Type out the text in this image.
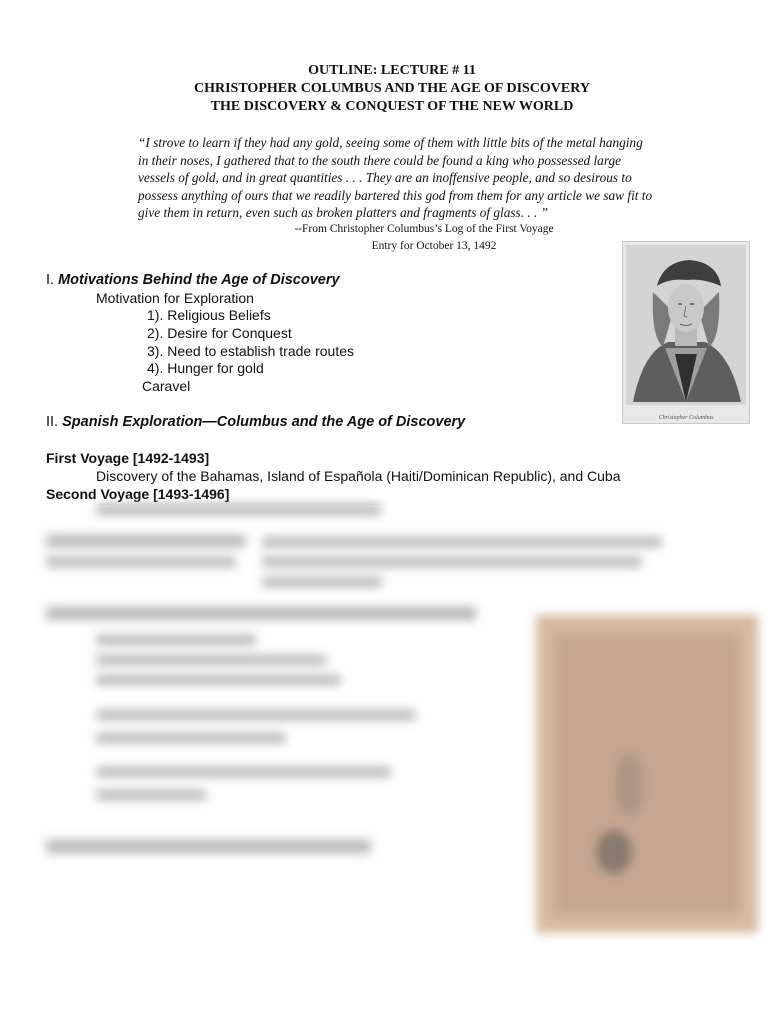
OUTLINE: LECTURE # 11
CHRISTOPHER COLUMBUS AND THE AGE OF DISCOVERY
THE DISCOVERY & CONQUEST OF THE NEW WORLD
“I strove to learn if they had any gold, seeing some of them with little bits of the metal hanging
in their noses, I gathered that to the south there could be found a king who possessed large
vessels of gold, and in great quantities . . . They are an inoffensive people, and so desirous to
possess anything of ours that we readily bartered this god from them for any article we saw fit to
give them in return, even such as broken platters and fragments of glass. . . ”
--From Christopher Columbus’s Log of the First Voyage
Entry for October 13, 1492
I. Motivations Behind the Age of Discovery
Motivation for Exploration
1). Religious Beliefs
2). Desire for Conquest
3). Need to establish trade routes
4). Hunger for gold
Caravel
Christopher Columbus
II. Spanish Exploration—Columbus and the Age of Discovery
First Voyage [1492-1493]
Discovery of the Bahamas, Island of Española (Haiti/Dominican Republic), and Cuba
Second Voyage [1493-1496]
